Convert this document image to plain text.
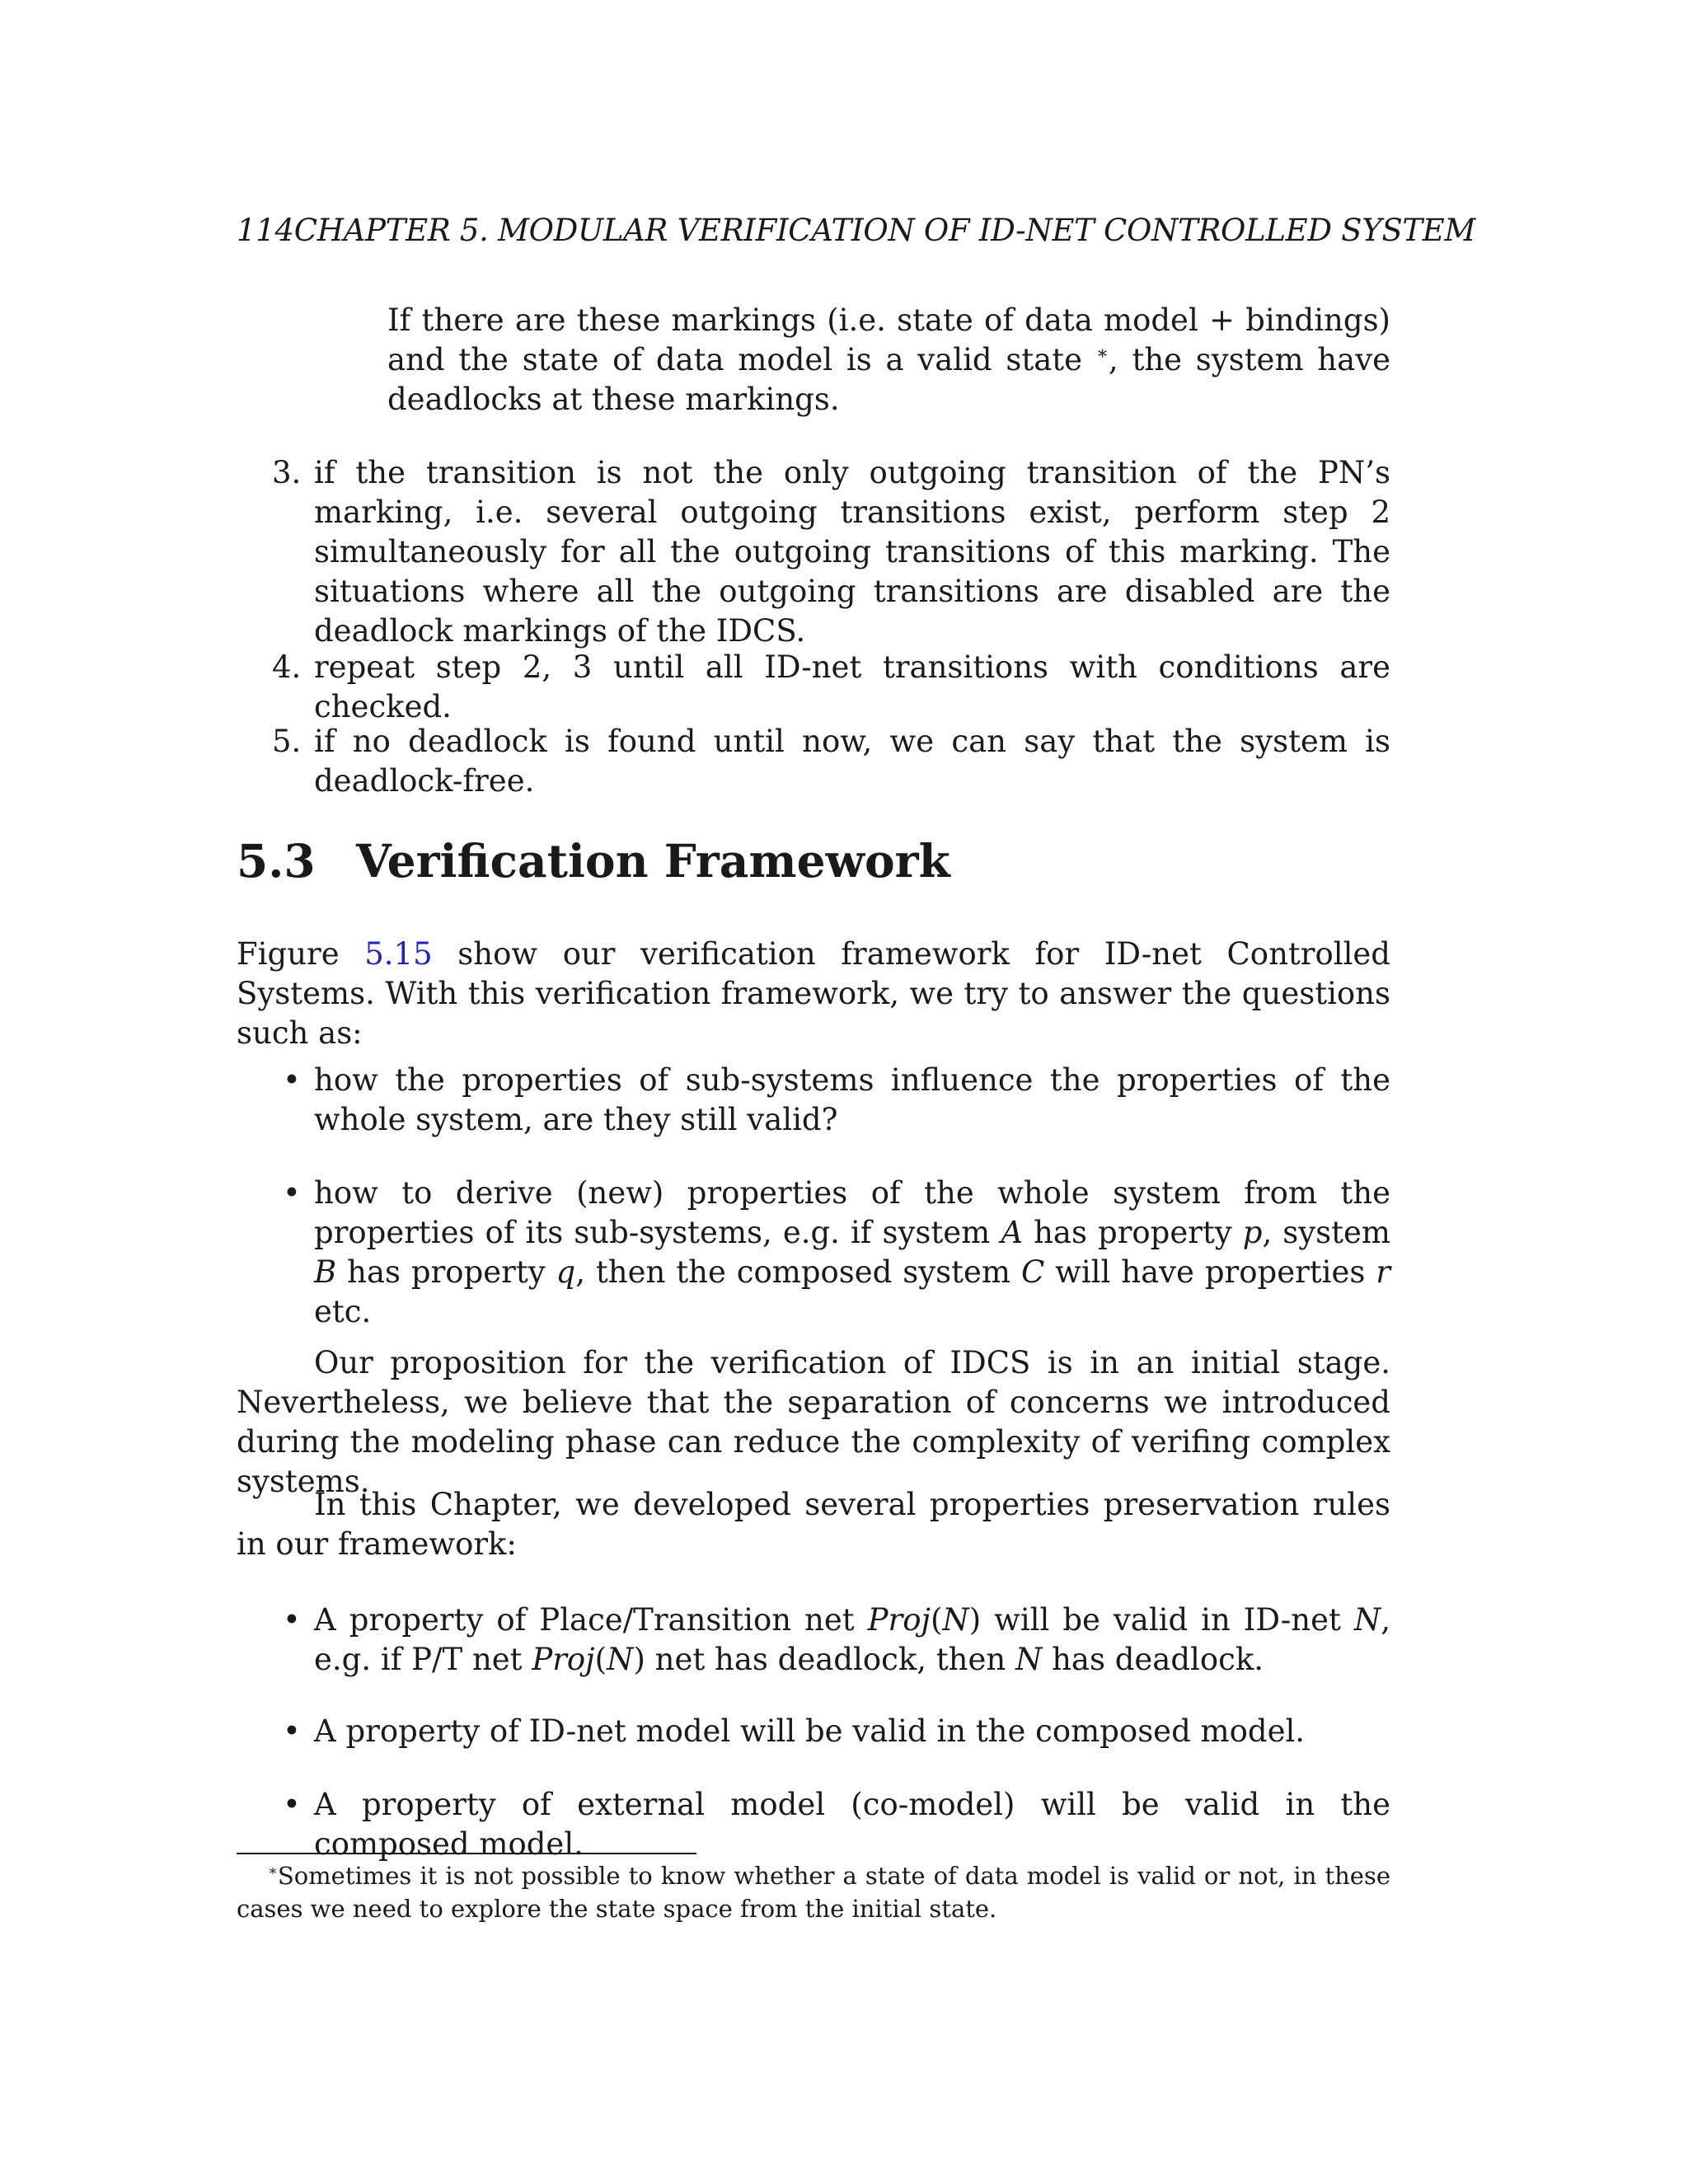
114CHAPTER 5. MODULAR VERIFICATION OF ID-NET CONTROLLED SYSTEM
If there are these markings (i.e. state of data model + bindings) and the state of data model is a valid state ∗, the system have deadlocks at these markings.
3. if the transition is not the only outgoing transition of the PN’s marking, i.e. several outgoing transitions exist, perform step 2 simultaneously for all the outgoing transitions of this marking. The situations where all the outgoing transitions are disabled are the deadlock markings of the IDCS.
4. repeat step 2, 3 until all ID-net transitions with conditions are checked.
5. if no deadlock is found until now, we can say that the system is deadlock-free.
5.3 Verification Framework
Figure 5.15 show our verification framework for ID-net Controlled Systems. With this verification framework, we try to answer the questions such as:
• how the properties of sub-systems influence the properties of the whole system, are they still valid?
• how to derive (new) properties of the whole system from the properties of its sub-systems, e.g. if system A has property p, system B has property q, then the composed system C will have properties r etc.
Our proposition for the verification of IDCS is in an initial stage. Nevertheless, we believe that the separation of concerns we introduced during the modeling phase can reduce the complexity of verifing complex systems.
In this Chapter, we developed several properties preservation rules in our framework:
• A property of Place/Transition net Proj(N) will be valid in ID-net N, e.g. if P/T net Proj(N) net has deadlock, then N has deadlock.
• A property of ID-net model will be valid in the composed model.
• A property of external model (co-model) will be valid in the composed model.
∗Sometimes it is not possible to know whether a state of data model is valid or not, in these cases we need to explore the state space from the initial state.
